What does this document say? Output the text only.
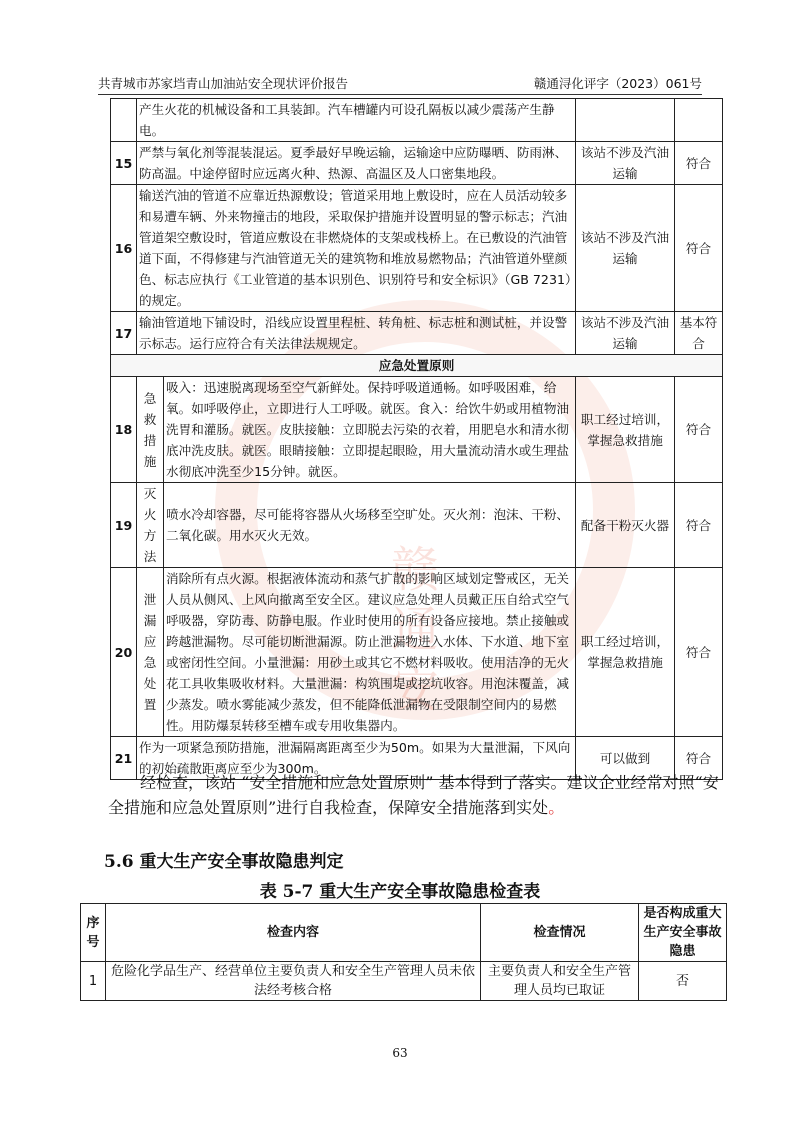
赣通安
共青城市苏家垱青山加油站安全现状评价报告	赣通浔化评字（2023）061号
	产生火花的机械设备和工具装卸。汽车槽罐内可设孔隔板以减少震荡产生静电。			
15	严禁与氧化剂等混装混运。夏季最好早晚运输，运输途中应防曝晒、防雨淋、防高温。中途停留时应远离火种、热源、高温区及人口密集地段。		该站不涉及汽油运输	符合
16	输送汽油的管道不应靠近热源敷设；管道采用地上敷设时，应在人员活动较多和易遭车辆、外来物撞击的地段，采取保护措施并设置明显的警示标志；汽油管道架空敷设时，管道应敷设在非燃烧体的支架或栈桥上。在已敷设的汽油管道下面，不得修建与汽油管道无关的建筑物和堆放易燃物品；汽油管道外壁颜色、标志应执行《工业管道的基本识别色、识别符号和安全标识》（GB 7231）的规定。		该站不涉及汽油运输	符合
17	输油管道地下铺设时，沿线应设置里程桩、转角桩、标志桩和测试桩，并设警示标志。运行应符合有关法律法规规定。		该站不涉及汽油运输	基本符合
应急处置原则				
18	急救措施	吸入：迅速脱离现场至空气新鲜处。保持呼吸道通畅。如呼吸困难，给氧。如呼吸停止，立即进行人工呼吸。就医。食入：给饮牛奶或用植物油洗胃和灌肠。就医。皮肤接触：立即脱去污染的衣着，用肥皂水和清水彻底冲洗皮肤。就医。眼睛接触：立即提起眼睑，用大量流动清水或生理盐水彻底冲洗至少15分钟。就医。	职工经过培训，掌握急救措施	符合
19	灭火方法	喷水冷却容器，尽可能将容器从火场移至空旷处。灭火剂：泡沫、干粉、二氧化碳。用水灭火无效。	配备干粉灭火器	符合
20	泄漏应急处置	消除所有点火源。根据液体流动和蒸气扩散的影响区域划定警戒区，无关人员从侧风、上风向撤离至安全区。建议应急处理人员戴正压自给式空气呼吸器，穿防毒、防静电服。作业时使用的所有设备应接地。禁止接触或跨越泄漏物。尽可能切断泄漏源。防止泄漏物进入水体、下水道、地下室或密闭性空间。小量泄漏：用砂土或其它不燃材料吸收。使用洁净的无火花工具收集吸收材料。大量泄漏：构筑围堤或挖坑收容。用泡沫覆盖，减少蒸发。喷水雾能减少蒸发，但不能降低泄漏物在受限制空间内的易燃性。用防爆泵转移至槽车或专用收集器内。	职工经过培训，掌握急救措施	符合
21	作为一项紧急预防措施，泄漏隔离距离至少为50m。如果为大量泄漏，下风向的初始疏散距离应至少为300m。		可以做到	符合
经检查，该站 “安全措施和应急处置原则” 基本得到了落实。建议企业经常对照“安全措施和应急处置原则”进行自我检查，保障安全措施落到实处。
5.6 重大生产安全事故隐患判定
表 5-7 重大生产安全事故隐患检查表
序号	检查内容	检查情况	是否构成重大生产安全事故隐患
1	危险化学品生产、经营单位主要负责人和安全生产管理人员未依法经考核合格	主要负责人和安全生产管理人员均已取证	否
63
